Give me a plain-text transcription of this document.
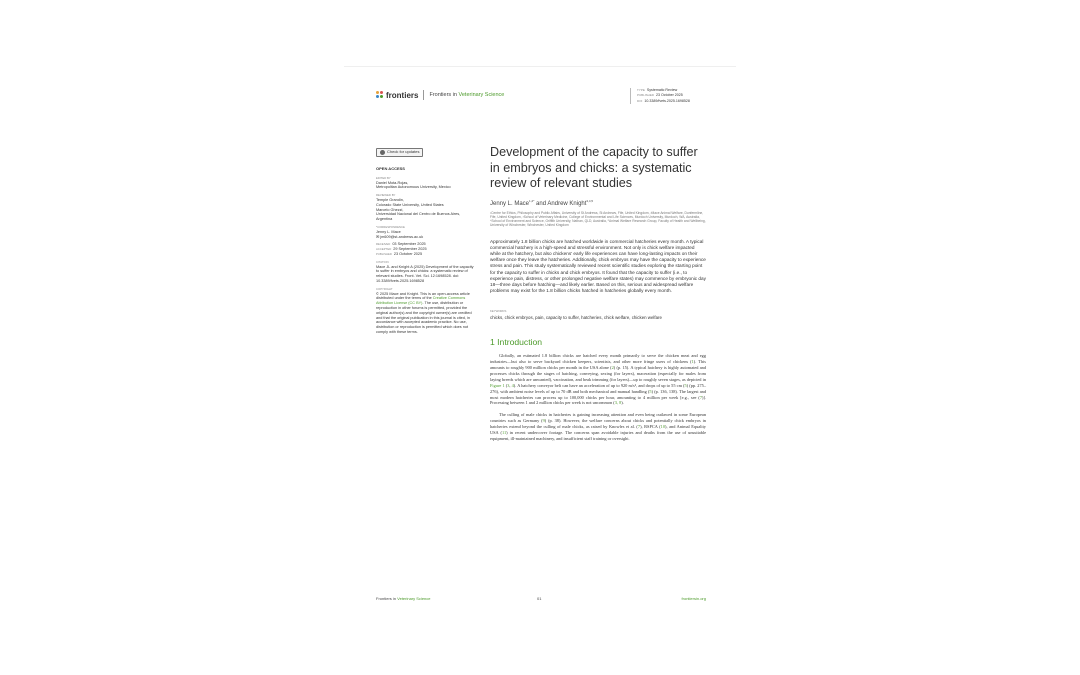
frontiers Frontiers in Veterinary Science
TYPE Systematic Review
PUBLISHED 23 October 2025
DOI 10.3389/fvets.2025.1698528
Check for updates
OPEN ACCESS
EDITED BY
Daniel Mota-Rojas,
Metropolitan Autonomous University, Mexico
REVIEWED BY
Temple Grandin,
Colorado State University, United States
Marcelo Ghezzi,
Universidad Nacional del Centro de Buenos Aires, Argentina
*CORRESPONDENCE
Jenny L. Mace
✉ jm609@st-andrews.ac.uk
RECEIVED 03 September 2025
ACCEPTED 29 September 2025
PUBLISHED 23 October 2025
CITATION
Mace JL and Knight A (2025) Development of the capacity to suffer in embryos and chicks: a systematic review of relevant studies. Front. Vet. Sci. 12:1698528. doi: 10.3389/fvets.2025.1698528
COPYRIGHT
© 2025 Mace and Knight. This is an open-access article distributed under the terms of the Creative Commons Attribution License (CC BY). The use, distribution or reproduction in other forums is permitted, provided the original author(s) and the copyright owner(s) are credited and that the original publication in this journal is cited, in accordance with accepted academic practice. No use, distribution or reproduction is permitted which does not comply with these terms.
Development of the capacity to suffer in embryos and chicks: a systematic review of relevant studies
Jenny L. Mace$^{1,2*}$ and Andrew Knight$^{3,4,5}$
¹Centre for Ethics, Philosophy and Public Affairs, University of St Andrews, St Andrews, Fife, United Kingdom, ²Mace Animal Welfare, Dunfermline, Fife, United Kingdom, ³School of Veterinary Medicine, College of Environmental and Life Sciences, Murdoch University, Murdoch, WA, Australia, ⁴School of Environment and Science, Griffith University, Nathan, QLD, Australia, ⁵Animal Welfare Research Group, Faculty of Health and Wellbeing, University of Winchester, Winchester, United Kingdom
Approximately 1.8 billion chicks are hatched worldwide in commercial hatcheries every month. A typical commercial hatchery is a high-speed and stressful environment. Not only is chick welfare impacted while at the hatchery, but also chickens' early life experiences can have long-lasting impacts on their welfare once they leave the hatcheries. Additionally, chick embryos may have the capacity to experience stress and pain. This study systematically reviewed recent scientific studies exploring the starting point for the capacity to suffer in chicks and chick embryos. It found that the capacity to suffer (i.e., to experience pain, distress, or other prolonged negative welfare states) may commence by embryonic day 18—three days before hatching—and likely earlier. Based on this, serious and widespread welfare problems may exist for the 1.8 billion chicks hatched in hatcheries globally every month.
KEYWORDS
chicks, chick embryos, pain, capacity to suffer, hatcheries, chick welfare, chicken welfare
1 Introduction

Globally, an estimated 1.8 billion chicks are hatched every month primarily to serve the chicken meat and egg industries—but also to serve backyard chicken keepers, scientists, and other more fringe users of chickens (1). This amounts to roughly 900 million chicks per month in the USA alone (2) (p. 15). A typical hatchery is highly automated and processes chicks through the stages of hatching, conveying, sexing (for layers), maceration (especially for males from laying breeds which are unwanted), vaccination, and beak trimming (for layers)—up to roughly seven stages, as depicted in Figure 1 (3, 4). A hatchery conveyor belt can have an acceleration of up to 920 m/s², and drops of up to 55 cm (5) (pp. 275–276), with ambient noise levels of up to 70 dB and both mechanical and manual handling (5) (p. 136, 138). The largest and most modern hatcheries can process up to 100,000 chicks per hour, amounting to 4 million per week [e.g., see (7)]. Processing between 1 and 2 million chicks per week is not uncommon (3, 8).

The culling of male chicks in hatcheries is gaining increasing attention and even being outlawed in some European countries such as Germany (9) (p. 38). However, the welfare concerns about chicks and potentially chick embryos in hatcheries extend beyond the culling of male chicks, as raised by Knowles et al. (7), RSPCA (10), and Animal Equality USA (11) in recent undercover footage. The concerns span avoidable injuries and deaths from the use of unsuitable equipment, ill-maintained machinery, and insufficient staff training or oversight.

Frontiers in Veterinary Science	01	frontiersin.org
